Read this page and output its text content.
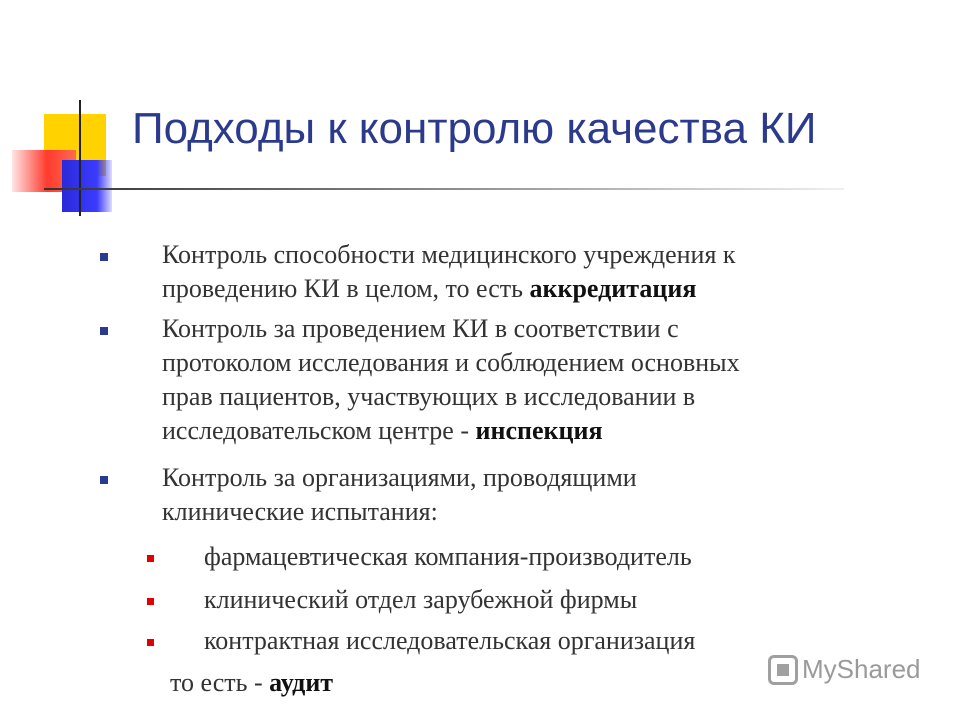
Подходы к контролю качества КИ
Контроль способности медицинского учреждения к
проведению КИ в целом, то есть аккредитация
Контроль за проведением КИ в соответствии с
протоколом исследования и соблюдением основных
прав пациентов, участвующих в исследовании в
исследовательском центре - инспекция
Контроль за организациями, проводящими
клинические испытания:
фармацевтическая компания-производитель
клинический отдел зарубежной фирмы
контрактная исследовательская организация
то есть - аудит	MyShared
